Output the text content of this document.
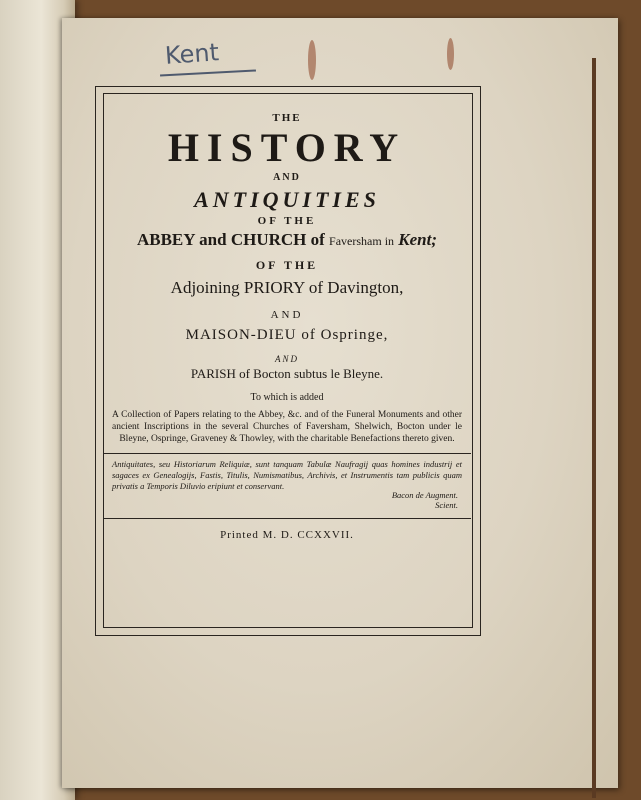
Kent
THE
HISTORY
AND
ANTIQUITIES
OF THE
ABBEY and CHURCH of Faversham in Kent;
OF THE
Adjoining PRIORY of Davington,
AND
MAISON-DIEU of Ospringe,
AND
PARISH of Bocton subtus le Bleyne.
To which is added
A Collection of Papers relating to the Abbey, &c. and of the Funeral Monuments and other ancient Inscriptions in the several Churches of Faversham, Shelwich, Bocton under le Bleyne, Ospringe, Graveney & Thowley, with the charitable Benefactions thereto given.
Antiquitates, seu Historiarum Reliquiæ, sunt tanquam Tabulæ Naufragij quas homines industrij et sagaces ex Genealogijs, Fastis, Titulis, Numismatibus, Archivis, et Instrumentis tam publicis quam privatis a Temporis Diluvio eripiunt et conservant.
Bacon de Augment.
Scient.
Printed M. D. CCXXVII.
